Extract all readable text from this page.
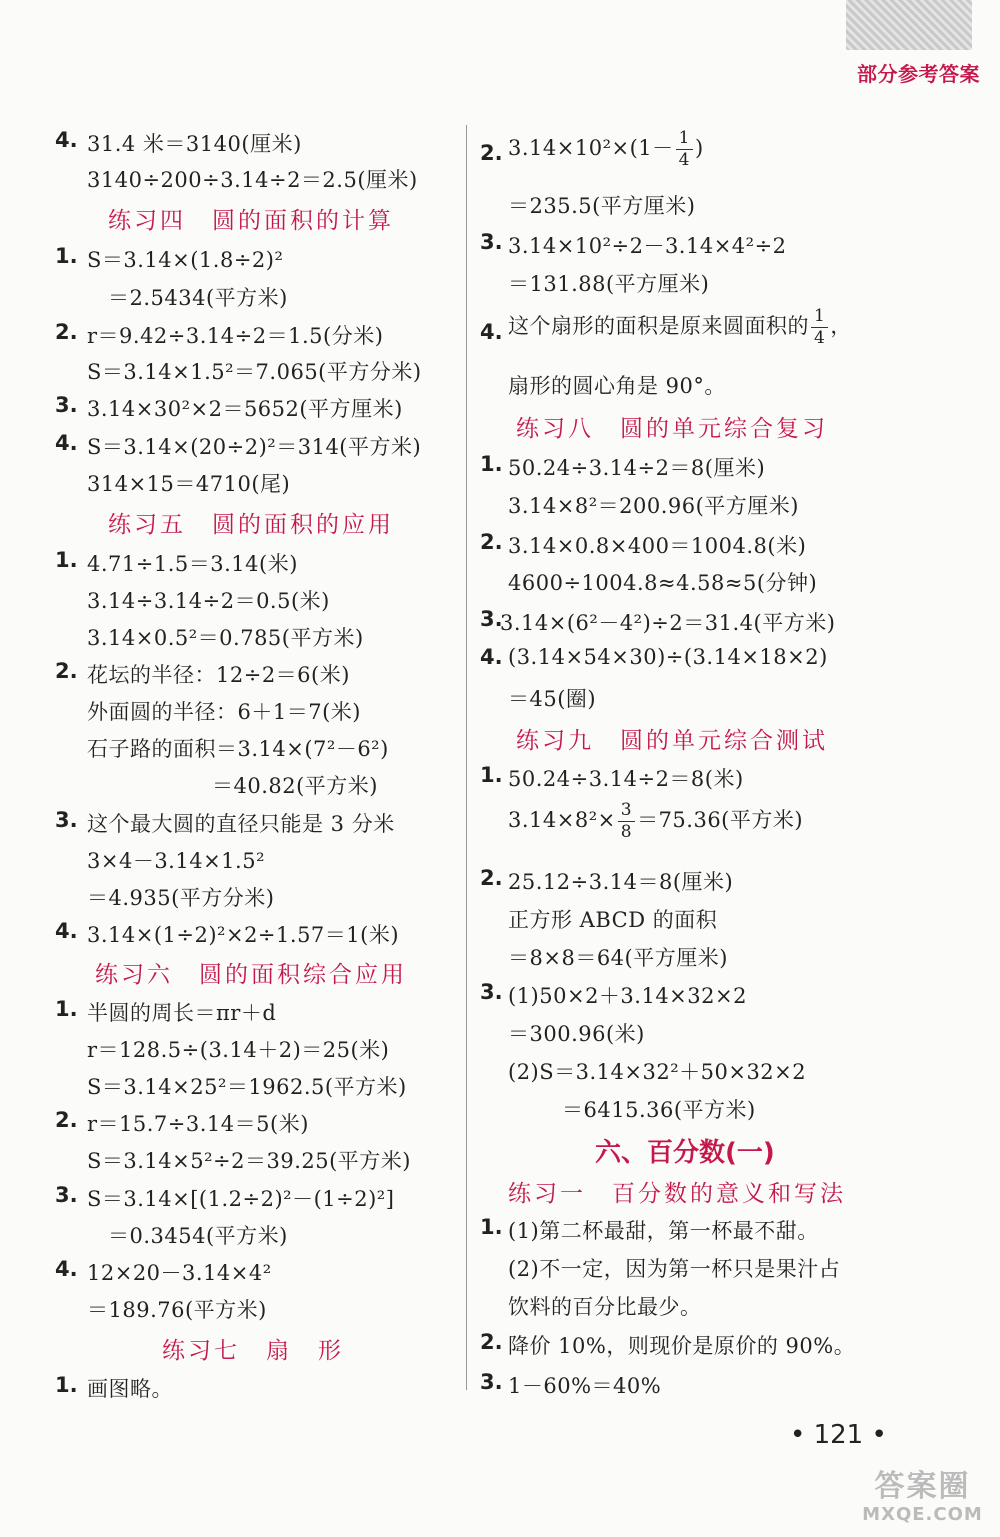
部分参考答案
4. 31.4 米＝3140(厘米)
3140÷200÷3.14÷2＝2.5(厘米)
练习四　圆的面积的计算
1. S＝3.14×(1.8÷2)²
＝2.5434(平方米)
2. r＝9.42÷3.14÷2＝1.5(分米)
S＝3.14×1.5²＝7.065(平方分米)
3. 3.14×30²×2＝5652(平方厘米)
4. S＝3.14×(20÷2)²＝314(平方米)
314×15＝4710(尾)
练习五　圆的面积的应用
1. 4.71÷1.5＝3.14(米)
3.14÷3.14÷2＝0.5(米)
3.14×0.5²＝0.785(平方米)
2. 花坛的半径：12÷2＝6(米)
外面圆的半径：6＋1＝7(米)
石子路的面积＝3.14×(7²－6²)
＝40.82(平方米)
3. 这个最大圆的直径只能是 3 分米
3×4－3.14×1.5²
＝4.935(平方分米)
4. 3.14×(1÷2)²×2÷1.57＝1(米)
练习六　圆的面积综合应用
1. 半圆的周长＝πr＋d
r＝128.5÷(3.14＋2)＝25(米)
S＝3.14×25²＝1962.5(平方米)
2. r＝15.7÷3.14＝5(米)
S＝3.14×5²÷2＝39.25(平方米)
3. S＝3.14×[(1.2÷2)²－(1÷2)²]
＝0.3454(平方米)
4. 12×20－3.14×4²
＝189.76(平方米)
练习七　扇　形
1. 画图略。
2. $3.14\times 10^2\times(1- \frac{1}{4}$ )
＝235.5(平方厘米)
3. 3.14×10²÷2－3.14×4²÷2
＝131.88(平方厘米)
4. 这个扇形的面积是原来圆面积的 $\frac{1}{4}$ ，
扇形的圆心角是 90°。
练习八　圆的单元综合复习
1. 50.24÷3.14÷2＝8(厘米)
3.14×8²＝200.96(平方厘米)
2. 3.14×0.8×400＝1004.8(米)
4600÷1004.8≈4.58≈5(分钟)
3.
3.14×(6²－4²)÷2＝31.4(平方米)
4. (3.14×54×30)÷(3.14×18×2)
＝45(圈)
练习九　圆的单元综合测试
1. 50.24÷3.14÷2＝8(米)
$3.14\times 8^2\times \frac{3}{8} =75.36$(平方米)
2. 25.12÷3.14＝8(厘米)
正方形 ABCD 的面积
＝8×8＝64(平方厘米)
3. (1)50×2＋3.14×32×2
＝300.96(米)
(2)S＝3.14×32²＋50×32×2
＝6415.36(平方米)
六、百分数(一)
练习一　百分数的意义和写法
1. (1)第二杯最甜，第一杯最不甜。
(2)不一定，因为第一杯只是果汁占
饮料的百分比最少。
2. 降价 10%，则现价是原价的 90%。
3. 1－60%＝40%
• 121 •
答案圈
MXQE.COM
